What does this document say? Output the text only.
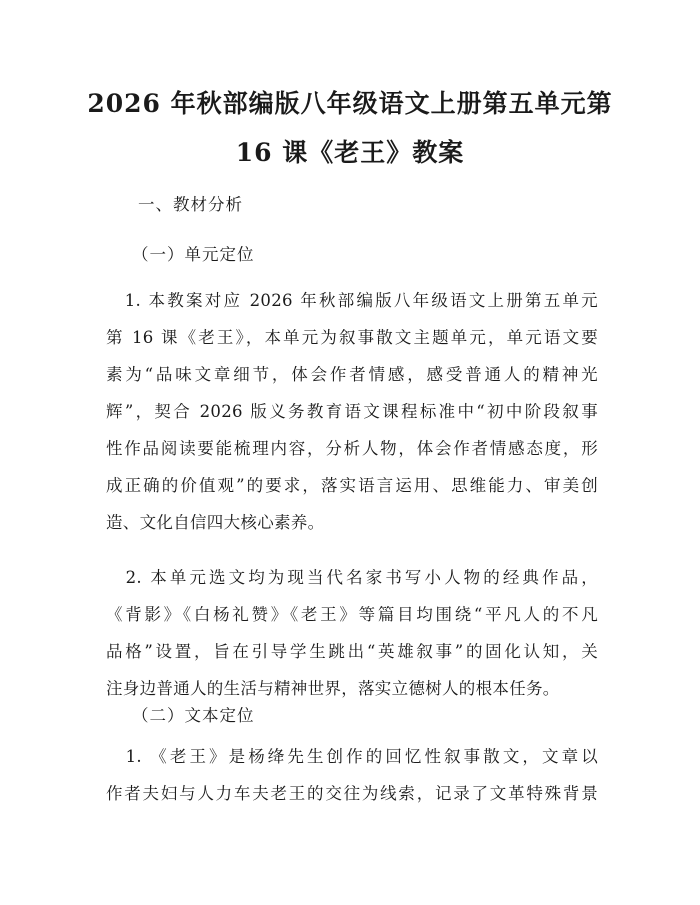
2026 年秋部编版八年级语文上册第五单元第
16 课《老王》教案
一、教材分析
（一）单元定位
　1. 本教案对应 2026 年秋部编版八年级语文上册第五单元
第 16 课《老王》，本单元为叙事散文主题单元，单元语文要
素为“品味文章细节，体会作者情感，感受普通人的精神光
辉”，契合 2026 版义务教育语文课程标准中“初中阶段叙事
性作品阅读要能梳理内容，分析人物，体会作者情感态度，形
成正确的价值观”的要求，落实语言运用、思维能力、审美创
造、文化自信四大核心素养。
　2. 本单元选文均为现当代名家书写小人物的经典作品，
《背影》《白杨礼赞》《老王》等篇目均围绕“平凡人的不凡
品格”设置，旨在引导学生跳出“英雄叙事”的固化认知，关
注身边普通人的生活与精神世界，落实立德树人的根本任务。
（二）文本定位
　1. 《老王》是杨绛先生创作的回忆性叙事散文，文章以
作者夫妇与人力车夫老王的交往为线索，记录了文革特殊背景
